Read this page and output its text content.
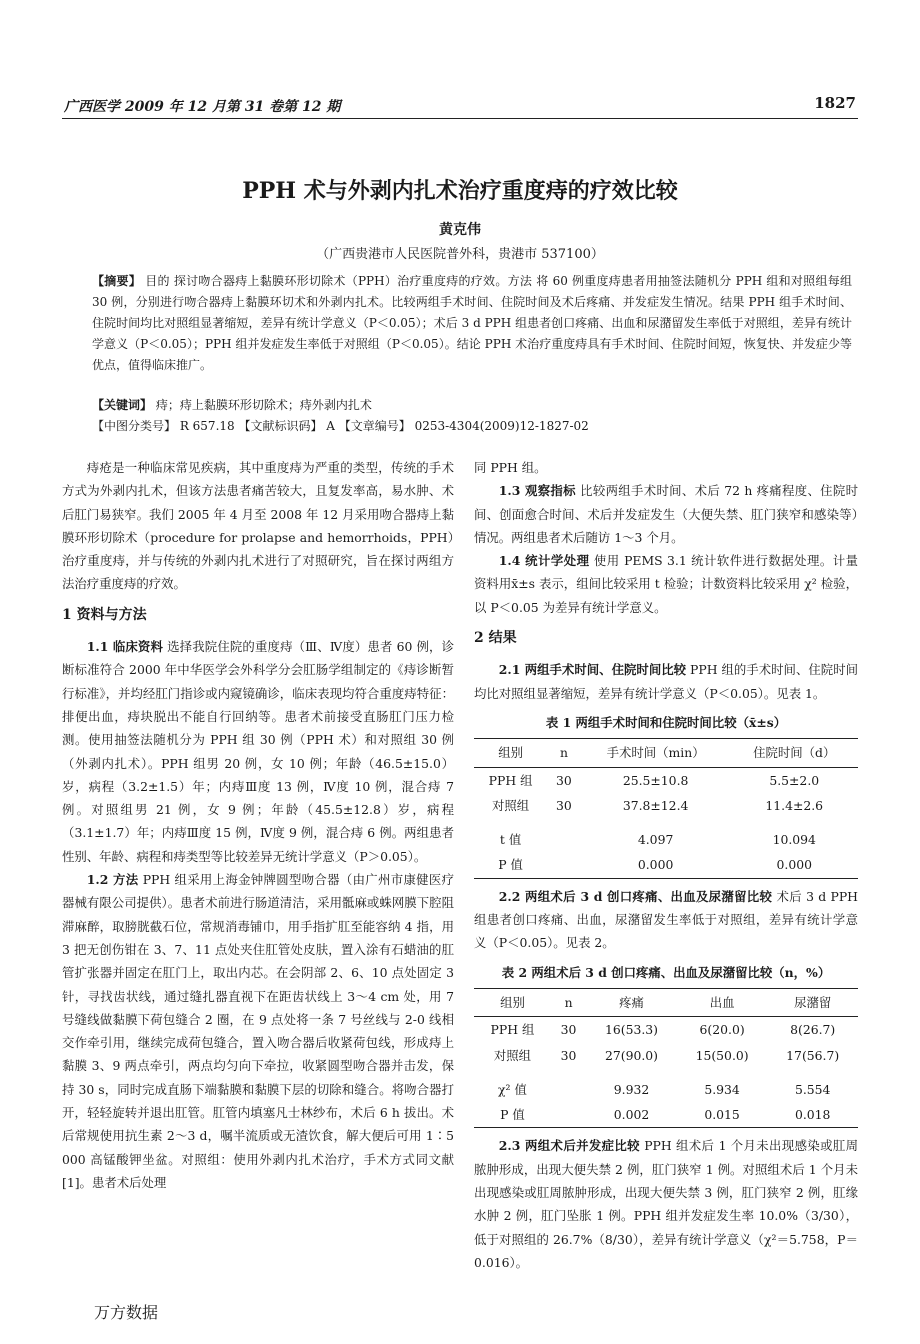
广西医学 2009 年 12 月第 31 卷第 12 期	1827
PPH 术与外剥内扎术治疗重度痔的疗效比较
黄克伟
（广西贵港市人民医院普外科，贵港市 537100）
【摘要】 目的 探讨吻合器痔上黏膜环形切除术（PPH）治疗重度痔的疗效。方法 将 60 例重度痔患者用抽签法随机分 PPH 组和对照组每组 30 例，分别进行吻合器痔上黏膜环切术和外剥内扎术。比较两组手术时间、住院时间及术后疼痛、并发症发生情况。结果 PPH 组手术时间、住院时间均比对照组显著缩短，差异有统计学意义（P＜0.05）；术后 3 d PPH 组患者创口疼痛、出血和尿潴留发生率低于对照组，差异有统计学意义（P＜0.05）；PPH 组并发症发生率低于对照组（P＜0.05）。结论 PPH 术治疗重度痔具有手术时间、住院时间短，恢复快、并发症少等优点，值得临床推广。
【关键词】 痔；痔上黏膜环形切除术；痔外剥内扎术
【中图分类号】 R 657.18 【文献标识码】 A 【文章编号】 0253-4304(2009)12-1827-02

痔疮是一种临床常见疾病，其中重度痔为严重的类型，传统的手术方式为外剥内扎术，但该方法患者痛苦较大，且复发率高，易水肿、术后肛门易狭窄。我们 2005 年 4 月至 2008 年 12 月采用吻合器痔上黏膜环形切除术（procedure for prolapse and hemorrhoids，PPH）治疗重度痔，并与传统的外剥内扎术进行了对照研究，旨在探讨两组方法治疗重度痔的疗效。

1 资料与方法

1.1 临床资料 选择我院住院的重度痔（Ⅲ、Ⅳ度）患者 60 例，诊断标准符合 2000 年中华医学会外科学分会肛肠学组制定的《痔诊断暂行标准》，并均经肛门指诊或内窥镜确诊，临床表现均符合重度痔特征：排便出血，痔块脱出不能自行回纳等。患者术前接受直肠肛门压力检测。使用抽签法随机分为 PPH 组 30 例（PPH 术）和对照组 30 例（外剥内扎术）。PPH 组男 20 例，女 10 例；年龄（46.5±15.0）岁，病程（3.2±1.5）年；内痔Ⅲ度 13 例，Ⅳ度 10 例，混合痔 7 例。对照组男 21 例，女 9 例；年龄（45.5±12.8）岁，病程（3.1±1.7）年；内痔Ⅲ度 15 例，Ⅳ度 9 例，混合痔 6 例。两组患者性别、年龄、病程和痔类型等比较差异无统计学意义（P＞0.05）。

1.2 方法 PPH 组采用上海金钟牌圆型吻合器（由广州市康健医疗器械有限公司提供）。患者术前进行肠道清洁，采用骶麻或蛛网膜下腔阻滞麻醉，取膀胱截石位，常规消毒铺巾，用手指扩肛至能容纳 4 指，用 3 把无创伤钳在 3、7、11 点处夹住肛管处皮肤，置入涂有石蜡油的肛管扩张器并固定在肛门上，取出内芯。在会阴部 2、6、10 点处固定 3 针，寻找齿状线，通过缝扎器直视下在距齿状线上 3～4 cm 处，用 7 号缝线做黏膜下荷包缝合 2 圈，在 9 点处将一条 7 号丝线与 2-0 线相交作牵引用，继续完成荷包缝合，置入吻合器后收紧荷包线，形成痔上黏膜 3、9 两点牵引，两点均匀向下牵拉，收紧圆型吻合器并击发，保持 30 s，同时完成直肠下端黏膜和黏膜下层的切除和缝合。将吻合器打开，轻轻旋转并退出肛管。肛管内填塞凡士林纱布，术后 6 h 拔出。术后常规使用抗生素 2～3 d，嘱半流质或无渣饮食，解大便后可用 1∶5 000 高锰酸钾坐盆。对照组：使用外剥内扎术治疗，手术方式同文献[1]。患者术后处理

同 PPH 组。

1.3 观察指标 比较两组手术时间、术后 72 h 疼痛程度、住院时间、创面愈合时间、术后并发症发生（大便失禁、肛门狭窄和感染等）情况。两组患者术后随访 1～3 个月。

1.4 统计学处理 使用 PEMS 3.1 统计软件进行数据处理。计量资料用x̄±s 表示，组间比较采用 t 检验；计数资料比较采用 χ² 检验，以 P＜0.05 为差异有统计学意义。

2 结果

2.1 两组手术时间、住院时间比较 PPH 组的手术时间、住院时间均比对照组显著缩短，差异有统计学意义（P＜0.05）。见表 1。

表 1 两组手术时间和住院时间比较（x̄±s）
组别	n	手术时间（min）	住院时间（d）
PPH 组	30	25.5±10.8	5.5±2.0
对照组	30	37.8±12.4	11.4±2.6
t 值		4.097	10.094
P 值		0.000	0.000

2.2 两组术后 3 d 创口疼痛、出血及尿潴留比较 术后 3 d PPH 组患者创口疼痛、出血，尿潴留发生率低于对照组，差异有统计学意义（P＜0.05）。见表 2。

表 2 两组术后 3 d 创口疼痛、出血及尿潴留比较（n，%）
组别	n	疼痛	出血	尿潴留
PPH 组	30	16(53.3)	6(20.0)	8(26.7)
对照组	30	27(90.0)	15(50.0)	17(56.7)
χ² 值		9.932	5.934	5.554
P 值		0.002	0.015	0.018

2.3 两组术后并发症比较 PPH 组术后 1 个月未出现感染或肛周脓肿形成，出现大便失禁 2 例，肛门狭窄 1 例。对照组术后 1 个月未出现感染或肛周脓肿形成，出现大便失禁 3 例，肛门狭窄 2 例，肛缘水肿 2 例，肛门坠胀 1 例。PPH 组并发症发生率 10.0%（3/30），低于对照组的 26.7%（8/30），差异有统计学意义（χ²＝5.758，P＝0.016）。

万方数据
